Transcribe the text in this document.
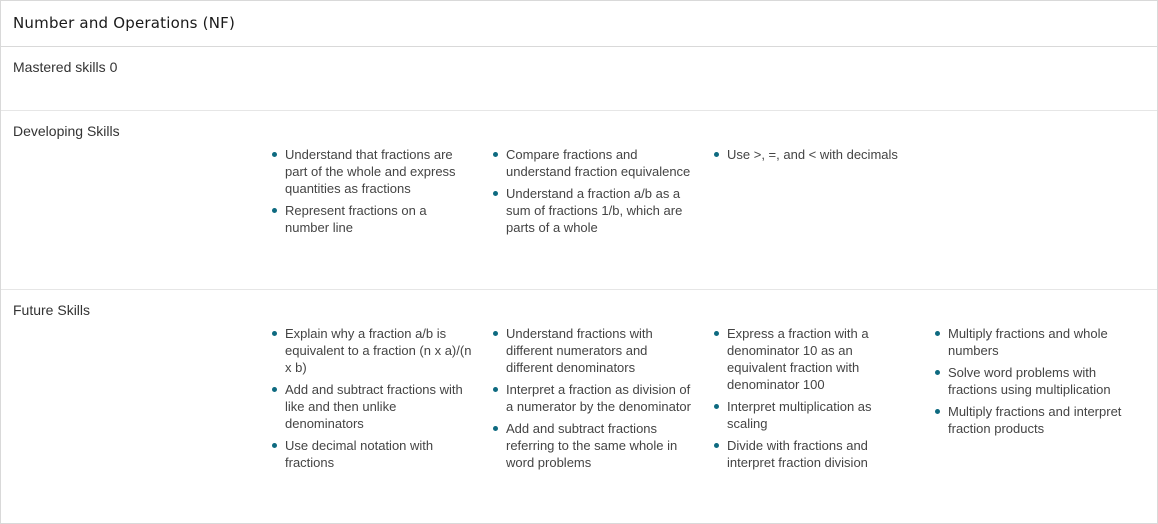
Number and Operations (NF)
Mastered skills 0
Developing Skills
Understand that fractions are part of the whole and express quantities as fractions
Represent fractions on a number line
Compare fractions and understand fraction equivalence
Understand a fraction a/b as a sum of fractions 1/b, which are parts of a whole
Use >, =, and < with decimals
Future Skills
Explain why a fraction a/b is equivalent to a fraction (n x a)/(n x b)
Add and subtract fractions with like and then unlike denominators
Use decimal notation with fractions
Understand fractions with different numerators and different denominators
Interpret a fraction as division of a numerator by the denominator
Add and subtract fractions referring to the same whole in word problems
Express a fraction with a denominator 10 as an equivalent fraction with denominator 100
Interpret multiplication as scaling
Divide with fractions and interpret fraction division
Multiply fractions and whole numbers
Solve word problems with fractions using multiplication
Multiply fractions and interpret fraction products
